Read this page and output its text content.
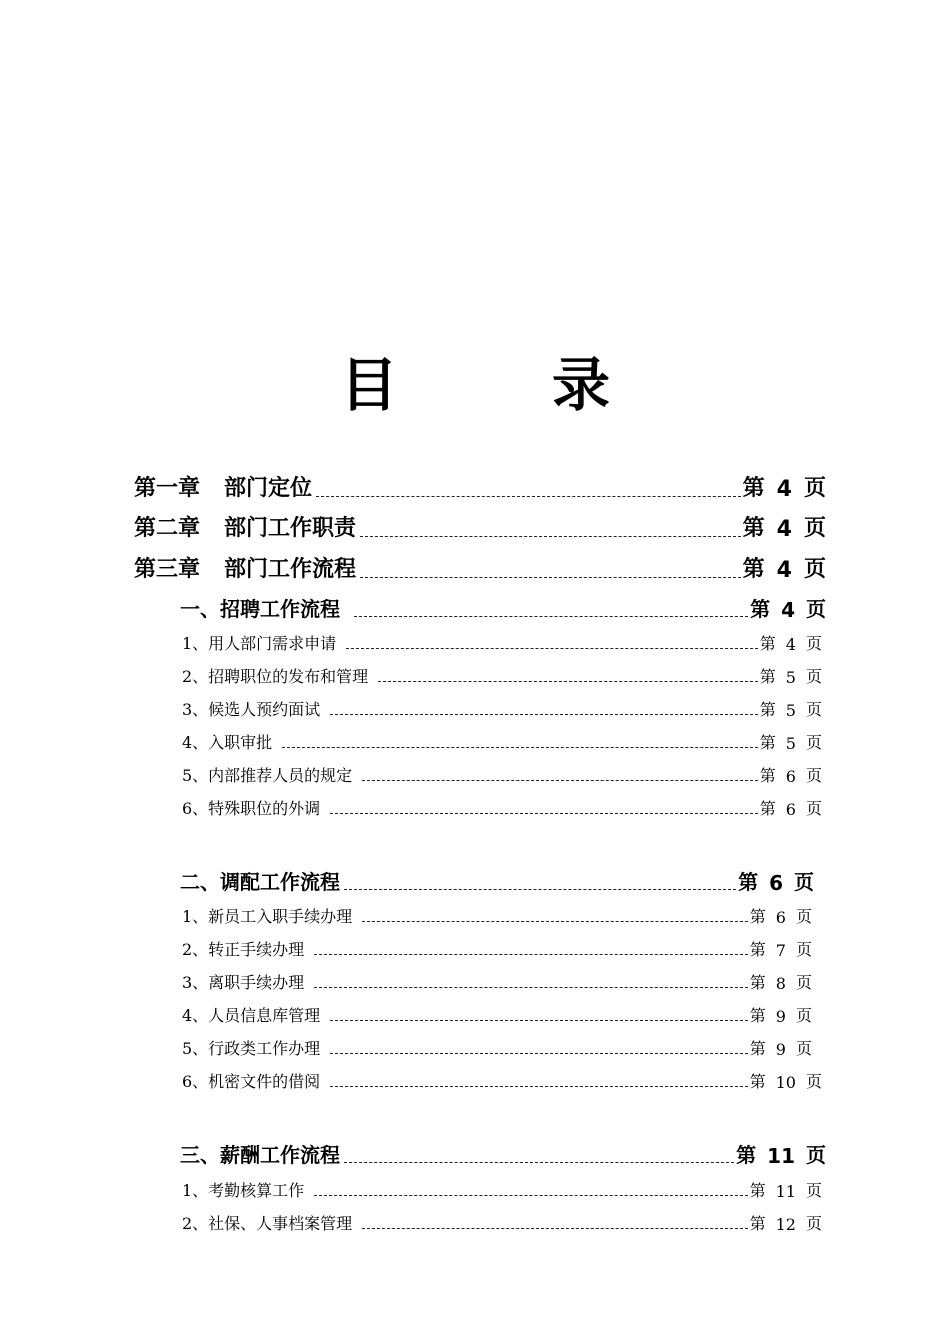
目　录
第一章 部门定位	第 4 页
第二章 部门工作职责	第 4 页
第三章 部门工作流程	第 4 页
一、招聘工作流程	第 4 页
1、用人部门需求申请	第 4 页
2、招聘职位的发布和管理	第 5 页
3、候选人预约面试	第 5 页
4、入职审批	第 5 页
5、内部推荐人员的规定	第 6 页
6、特殊职位的外调	第 6 页
二、调配工作流程	第 6 页
1、新员工入职手续办理	第 6 页
2、转正手续办理	第 7 页
3、离职手续办理	第 8 页
4、人员信息库管理	第 9 页
5、行政类工作办理	第 9 页
6、机密文件的借阅	第 10 页
三、薪酬工作流程	第 11 页
1、考勤核算工作	第 11 页
2、社保、人事档案管理	第 12 页
